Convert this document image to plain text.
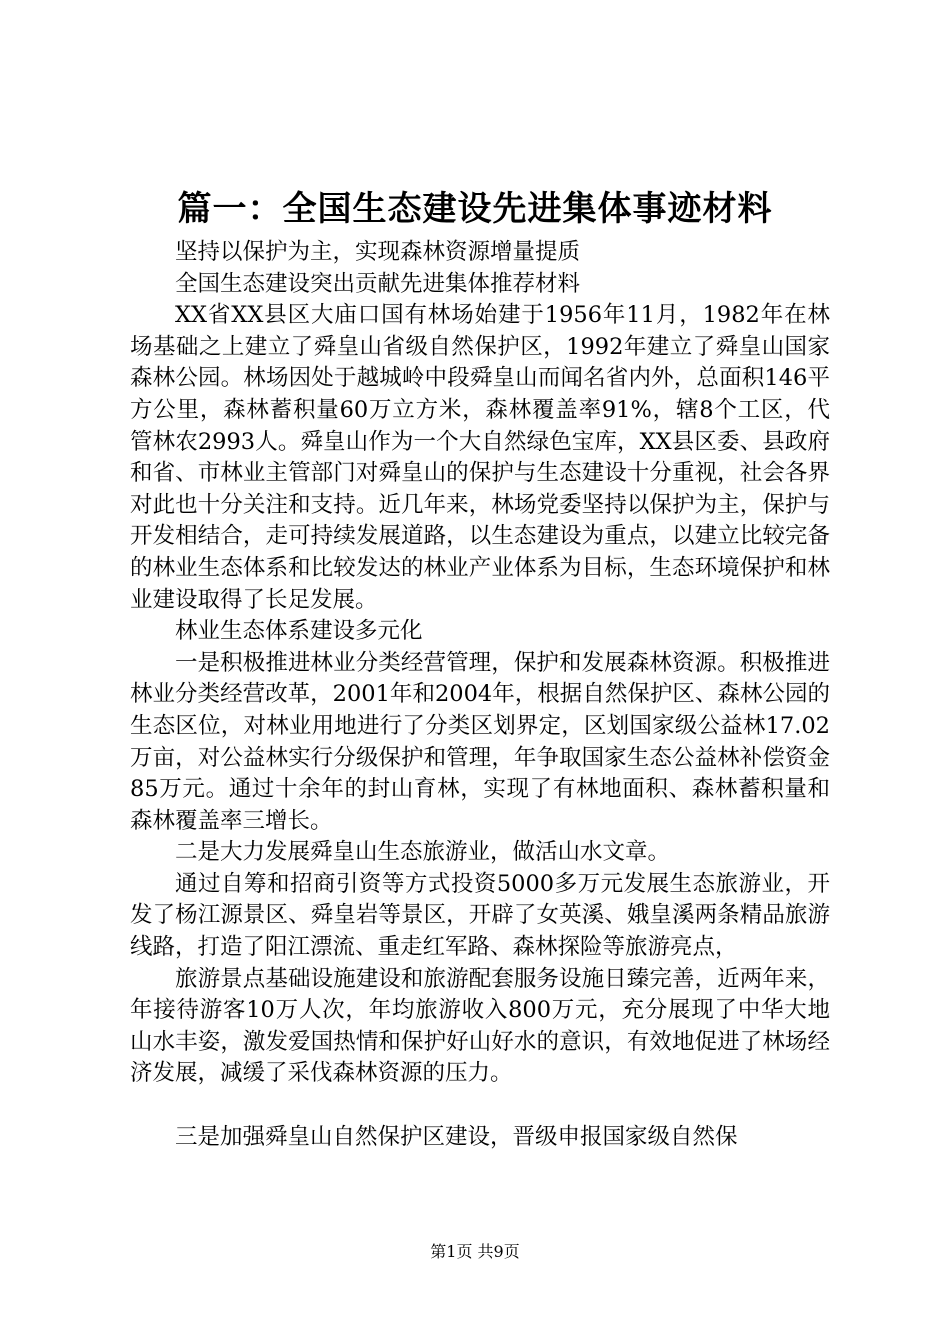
篇一：全国生态建设先进集体事迹材料

坚持以保护为主，实现森林资源增量提质

全国生态建设突出贡献先进集体推荐材料

XX省XX县区大庙口国有林场始建于1956年11月，1982年在林场基础之上建立了舜皇山省级自然保护区，1992年建立了舜皇山国家森林公园。林场因处于越城岭中段舜皇山而闻名省内外，总面积146平方公里，森林蓄积量60万立方米，森林覆盖率91%，辖8个工区，代管林农2993人。舜皇山作为一个大自然绿色宝库，XX县区委、县政府和省、市林业主管部门对舜皇山的保护与生态建设十分重视，社会各界对此也十分关注和支持。近几年来，林场党委坚持以保护为主，保护与开发相结合，走可持续发展道路，以生态建设为重点，以建立比较完备的林业生态体系和比较发达的林业产业体系为目标，生态环境保护和林业建设取得了长足发展。

林业生态体系建设多元化

一是积极推进林业分类经营管理，保护和发展森林资源。积极推进林业分类经营改革，2001年和2004年，根据自然保护区、森林公园的生态区位，对林业用地进行了分类区划界定，区划国家级公益林17.02万亩，对公益林实行分级保护和管理，年争取国家生态公益林补偿资金85万元。通过十余年的封山育林，实现了有林地面积、森林蓄积量和森林覆盖率三增长。

二是大力发展舜皇山生态旅游业，做活山水文章。

通过自筹和招商引资等方式投资5000多万元发展生态旅游业，开发了杨江源景区、舜皇岩等景区，开辟了女英溪、娥皇溪两条精品旅游线路，打造了阳江漂流、重走红军路、森林探险等旅游亮点，

旅游景点基础设施建设和旅游配套服务设施日臻完善，近两年来，年接待游客10万人次，年均旅游收入800万元，充分展现了中华大地山水丰姿，激发爱国热情和保护好山好水的意识，有效地促进了林场经济发展，减缓了采伐森林资源的压力。

三是加强舜皇山自然保护区建设，晋级申报国家级自然保

第1页 共9页
